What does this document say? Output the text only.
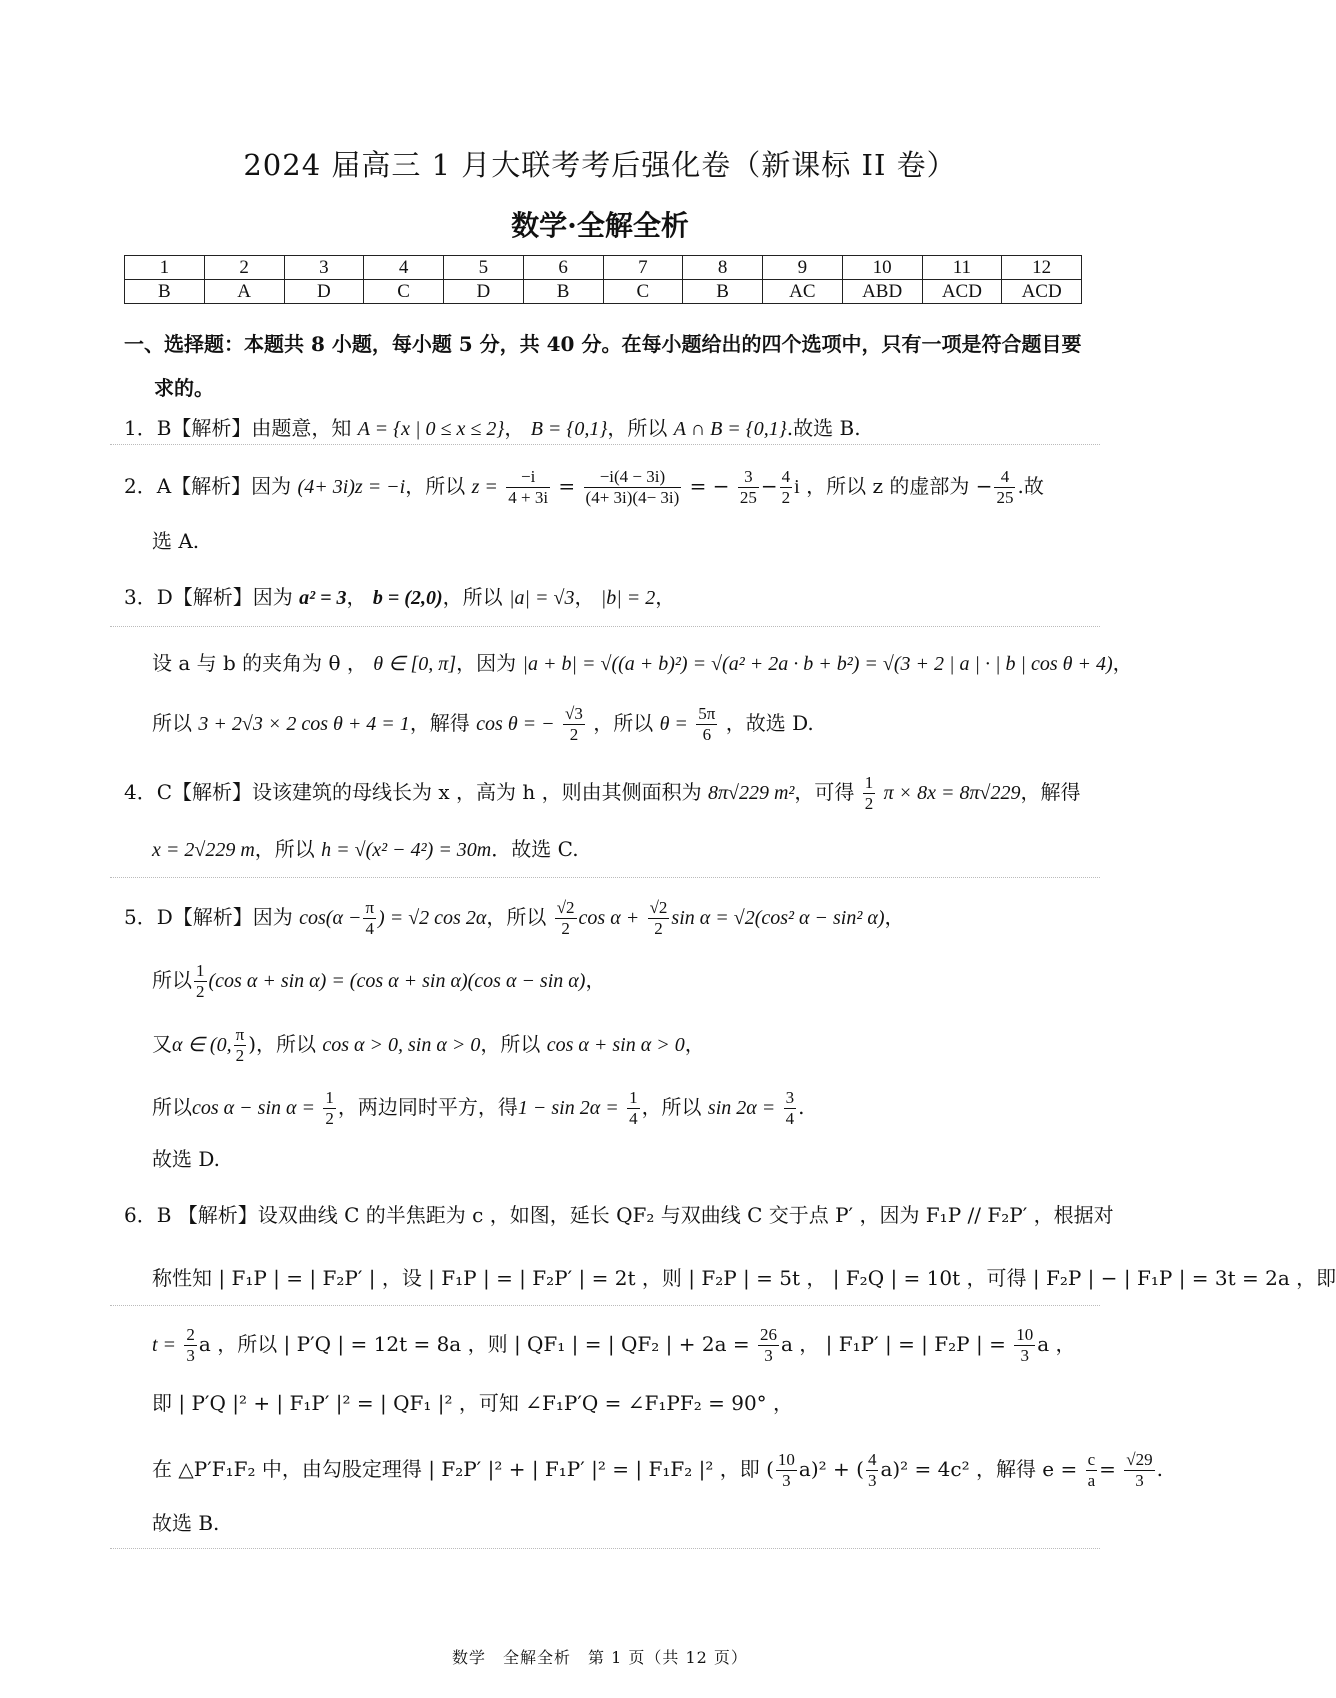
2024 届高三 1 月大联考考后强化卷（新课标 II 卷）
数学·全解全析
1	2	3	4	5	6	7	8	9	10	11	12
B	A	D	C	D	B	C	B	AC	ABD	ACD	ACD
一、选择题：本题共 8 小题，每小题 5 分，共 40 分。在每小题给出的四个选项中，只有一项是符合题目要
求的。
1．B【解析】由题意，知 A = {x | 0 ≤ x ≤ 2}， B = {0,1}，所以 A ∩ B = {0,1}.故选 B.
2．A【解析】因为 (4+ 3i)z = −i，所以 $z = \frac{-i}{4 + 3i} = \frac{-i(4 - 3i)}{(4+ 3i)(4- 3i)}$ = − $\frac{3}{25} - \frac{4}{2}$ i ，所以 z 的虚部为 − $\frac{4}{25}$ .故
选 A.
3．D【解析】因为 a² = 3， b = (2,0)，所以 |a| = √3， |b| = 2，
设 a 与 b 的夹角为 θ ， θ ∈ [0, π]，因为 |a + b| = √((a + b)²) = √(a² + 2a · b + b²) = √(3 + 2 | a | · | b | cos θ + 4)，
所以 3 + 2√3 × 2 cos θ + 4 = 1，解得 cos θ = − $\frac{√3}{2}$ ，所以 $\theta = \frac{5\pi}{6}$ ，故选 D.
4．C【解析】设该建筑的母线长为 x ，高为 h ，则由其侧面积为 8π√229 m²，可得 $\frac{1}{2}$ π × 8x = 8π√229，解得
x = 2√229 m，所以 h = √(x² − 4²) = 30m．故选 C.
5．D【解析】因为 $\cos(\alpha - \frac{\pi}{4}$ ) = √2 cos 2α，所以 $\frac{√2}{2}$ $\cos \alpha + \frac{√2}{2}$ sin α = √2(cos² α − sin² α)，
所以 $\frac{1}{2} (\cos$ α + sin α) = (cos α + sin α)(cos α − sin α)，
又α ∈ (0, $\frac{\pi}{2}$ )，所以 cos α > 0, sin α > 0，所以 cos α + sin α > 0，
所以$\cos \alpha - \sin \alpha = \frac{1}{2}$ ，两边同时平方，得$1 - \sin 2\alpha = \frac{1}{4}$ ，所以 $\sin 2\alpha = \frac{3}{4}$ .
故选 D.
6．B 【解析】设双曲线 C 的半焦距为 c ，如图，延长 QF₂ 与双曲线 C 交于点 P′ ，因为 F₁P // F₂P′ ，根据对
称性知 | F₁P | = | F₂P′ | ，设 | F₁P | = | F₂P′ | = 2t ，则 | F₂P | = 5t ， | F₂Q | = 10t ，可得 | F₂P | − | F₁P | = 3t = 2a ，即
$t = \frac{2}{3}$ a ，所以 | P′Q | = 12t = 8a ，则 | QF₁ | = | QF₂ | + $2a = \frac{26}{3}$ a ， | F₁P′ | = | F₂P | = $\frac{10}{3}$ a ，
即 | P′Q |² + | F₁P′ |² = | QF₁ |² ，可知 ∠F₁P′Q = ∠F₁PF₂ = 90° ，
在 △P′F₁F₂ 中，由勾股定理得 | F₂P′ |² + | F₁P′ |² = | F₁F₂ |² ，即 ( $\frac{10}{3} a)^2$ + ( $\frac{4}{3} a)^2 = 4c^2$ ，解得 $e = \frac{c}{a} = \frac{√29}{3}$ .
故选 B.
数学　全解全析　第 1 页（共 12 页）
